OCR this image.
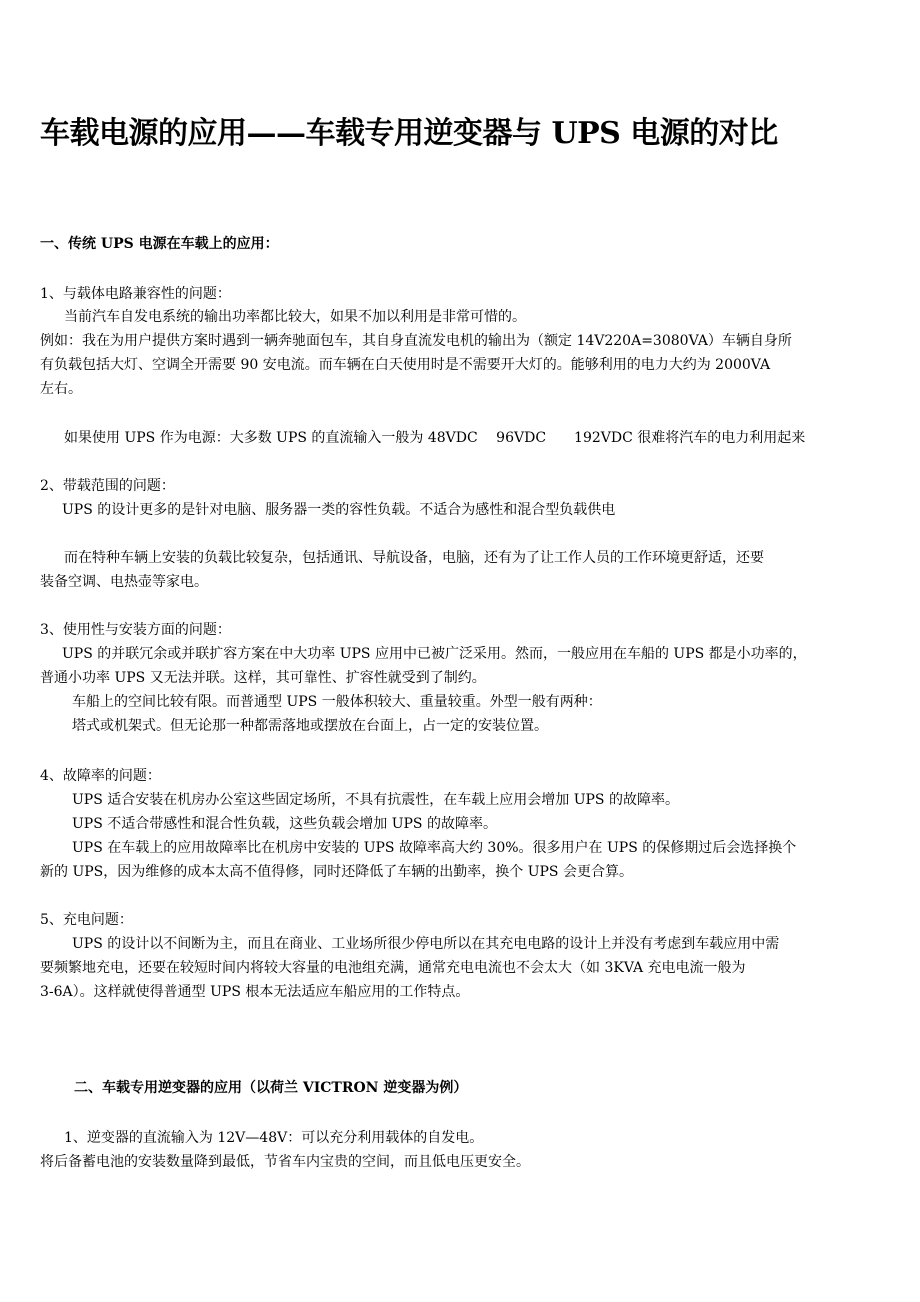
车载电源的应用——车载专用逆变器与 UPS 电源的对比
一、传统 UPS 电源在车载上的应用：
1、与载体电路兼容性的问题：
当前汽车自发电系统的输出功率都比较大，如果不加以利用是非常可惜的。
例如：我在为用户提供方案时遇到一辆奔驰面包车，其自身直流发电机的输出为（额定 14V220A=3080VA）车辆自身所
有负载包括大灯、空调全开需要 90 安电流。而车辆在白天使用时是不需要开大灯的。能够利用的电力大约为 2000VA
左右。
如果使用 UPS 作为电源：大多数 UPS 的直流输入一般为 48VDC　 96VDC　　192VDC 很难将汽车的电力利用起来
2、带载范围的问题：
UPS 的设计更多的是针对电脑、服务器一类的容性负载。不适合为感性和混合型负载供电
而在特种车辆上安装的负载比较复杂，包括通讯、导航设备，电脑，还有为了让工作人员的工作环境更舒适，还要
装备空调、电热壶等家电。
3、使用性与安装方面的问题：
UPS 的并联冗余或并联扩容方案在中大功率 UPS 应用中已被广泛采用。然而，一般应用在车船的 UPS 都是小功率的，
普通小功率 UPS 又无法并联。这样，其可靠性、扩容性就受到了制约。
车船上的空间比较有限。而普通型 UPS 一般体积较大、重量较重。外型一般有两种：
塔式或机架式。但无论那一种都需落地或摆放在台面上，占一定的安装位置。
4、故障率的问题：
UPS 适合安装在机房办公室这些固定场所，不具有抗震性，在车载上应用会增加 UPS 的故障率。
UPS 不适合带感性和混合性负载，这些负载会增加 UPS 的故障率。
UPS 在车载上的应用故障率比在机房中安装的 UPS 故障率高大约 30%。很多用户在 UPS 的保修期过后会选择换个
新的 UPS，因为维修的成本太高不值得修，同时还降低了车辆的出勤率，换个 UPS 会更合算。
5、充电问题：
UPS 的设计以不间断为主，而且在商业、工业场所很少停电所以在其充电电路的设计上并没有考虑到车载应用中需
要频繁地充电，还要在较短时间内将较大容量的电池组充满，通常充电电流也不会太大（如 3KVA 充电电流一般为
3-6A）。这样就使得普通型 UPS 根本无法适应车船应用的工作特点。
二、车载专用逆变器的应用（以荷兰 VICTRON 逆变器为例）
1、逆变器的直流输入为 12V—48V：可以充分利用载体的自发电。
将后备蓄电池的安装数量降到最低，节省车内宝贵的空间，而且低电压更安全。
